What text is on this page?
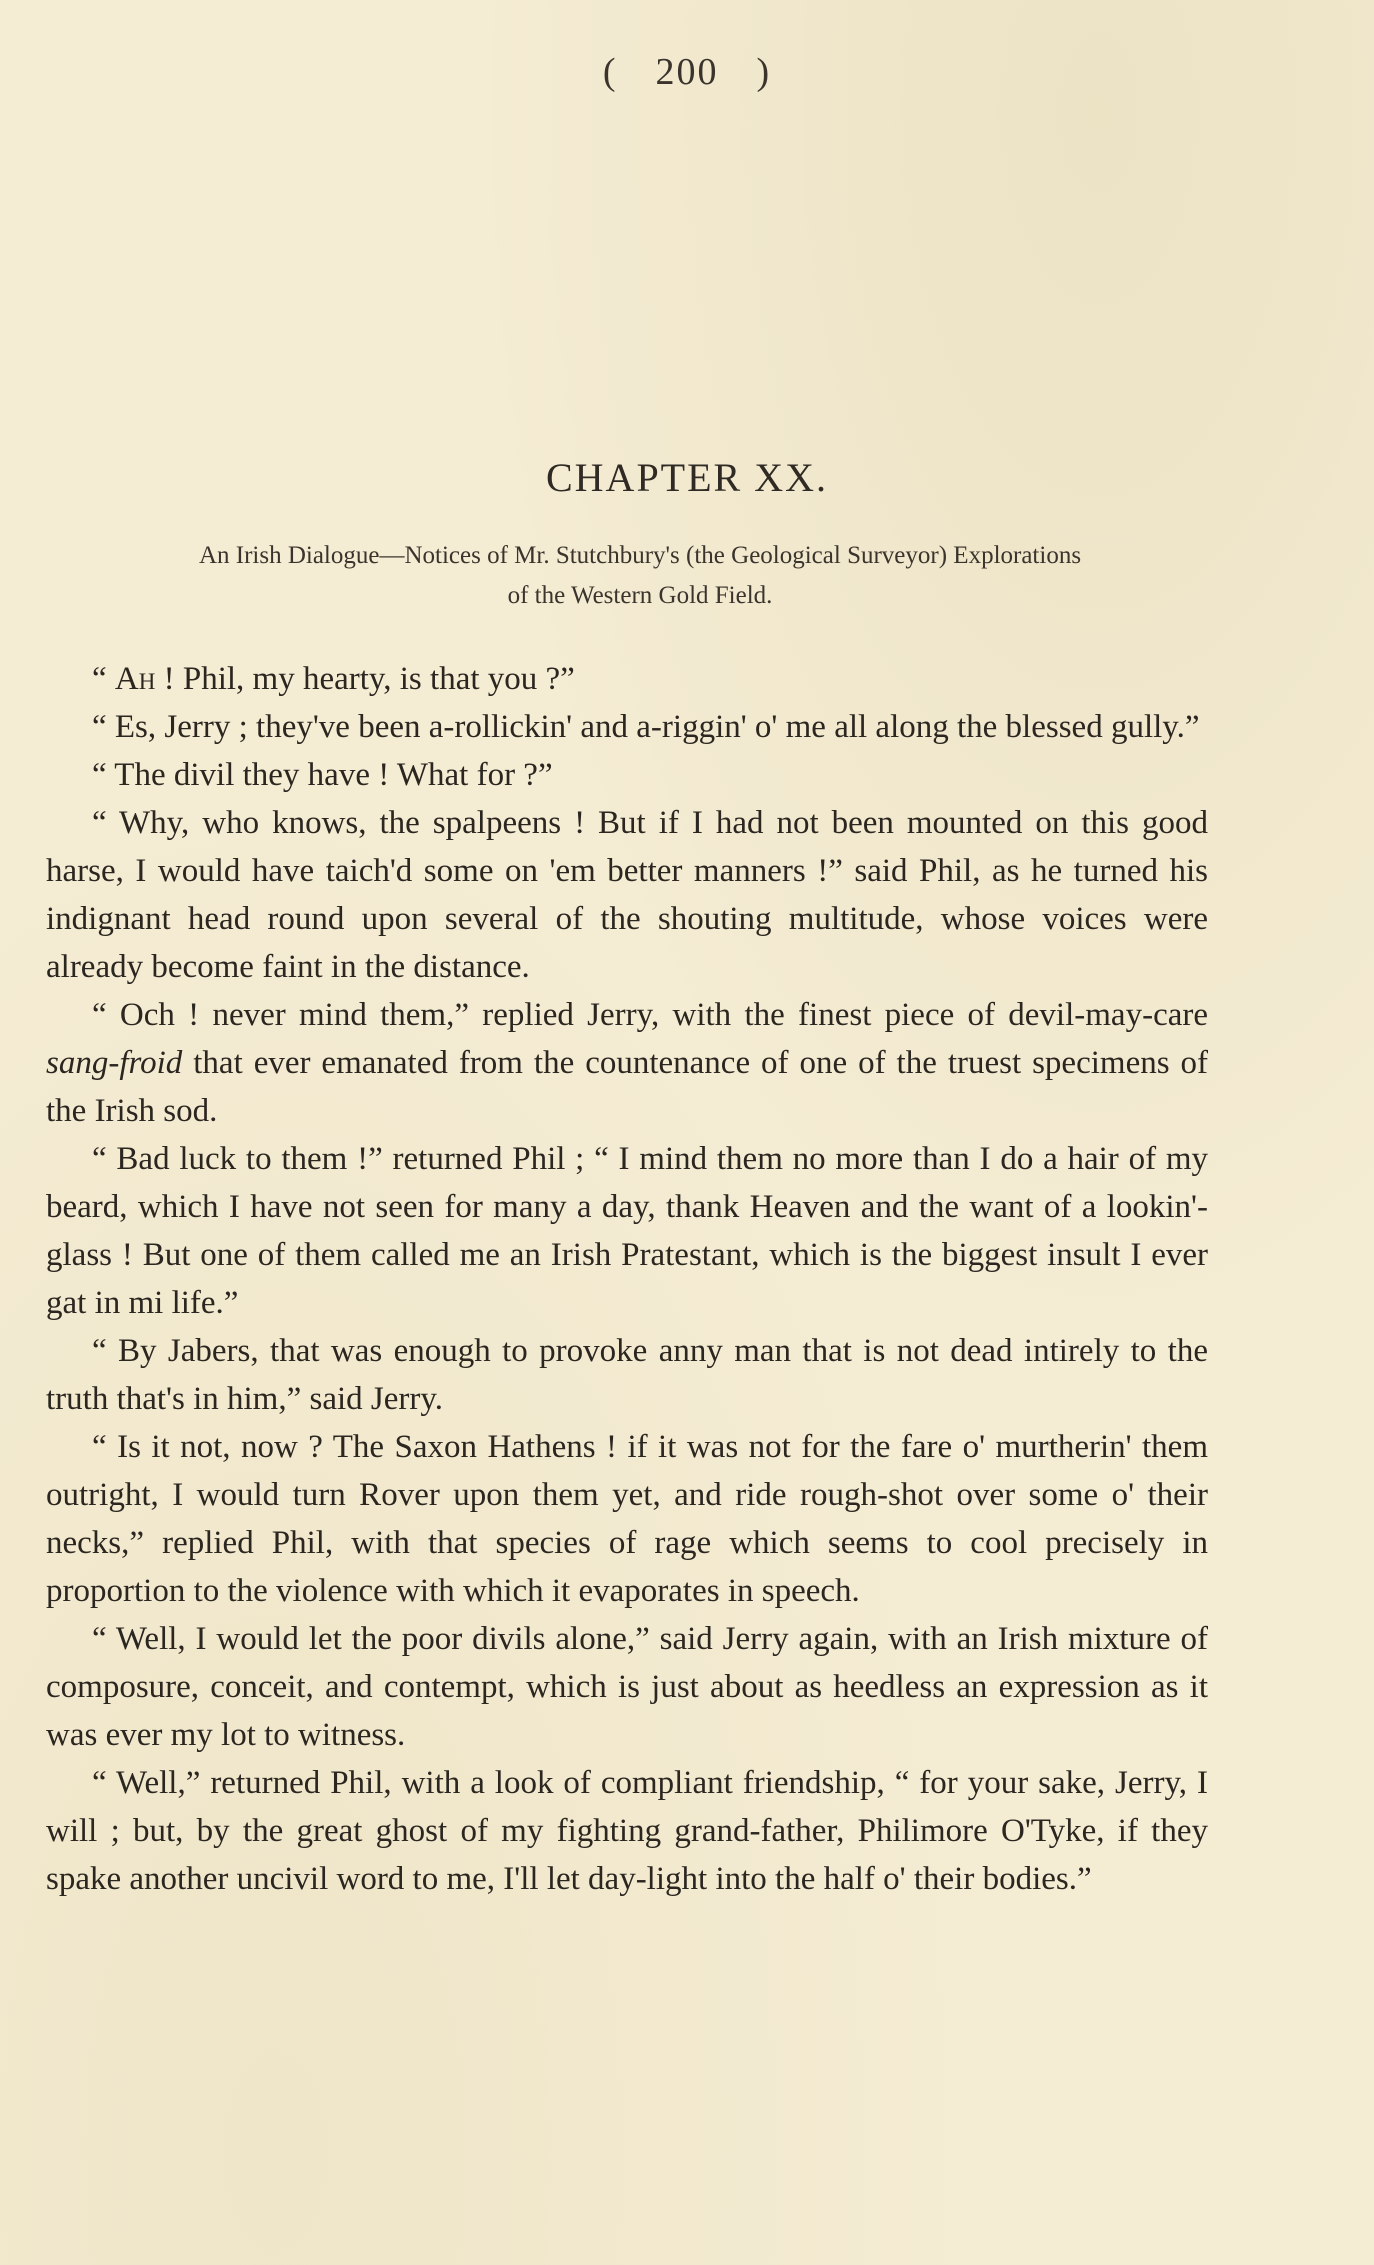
( 200 )
CHAPTER XX.
An Irish Dialogue—Notices of Mr. Stutchbury's (the Geological Surveyor) Explorations
of the Western Gold Field.

“ Ah ! Phil, my hearty, is that you ?”

“ Es, Jerry ; they've been a-rollickin' and a-riggin' o' me all along the blessed gully.”

“ The divil they have ! What for ?”

“ Why, who knows, the spalpeens ! But if I had not been mounted on this good harse, I would have taich'd some on 'em better manners !” said Phil, as he turned his indignant head round upon several of the shouting multitude, whose voices were already become faint in the distance.

“ Och ! never mind them,” replied Jerry, with the finest piece of devil-may-care sang-froid that ever emanated from the countenance of one of the truest specimens of the Irish sod.

“ Bad luck to them !” returned Phil ; “ I mind them no more than I do a hair of my beard, which I have not seen for many a day, thank Heaven and the want of a lookin'-glass ! But one of them called me an Irish Pratestant, which is the biggest insult I ever gat in mi life.”

“ By Jabers, that was enough to provoke anny man that is not dead intirely to the truth that's in him,” said Jerry.

“ Is it not, now ? The Saxon Hathens ! if it was not for the fare o' murtherin' them outright, I would turn Rover upon them yet, and ride rough-shot over some o' their necks,” replied Phil, with that species of rage which seems to cool precisely in proportion to the violence with which it evaporates in speech.

“ Well, I would let the poor divils alone,” said Jerry again, with an Irish mixture of composure, conceit, and contempt, which is just about as heedless an expression as it was ever my lot to witness.

“ Well,” returned Phil, with a look of compliant friendship, “ for your sake, Jerry, I will ; but, by the great ghost of my fighting grand-father, Philimore O'Tyke, if they spake another uncivil word to me, I'll let day-light into the half o' their bodies.”
